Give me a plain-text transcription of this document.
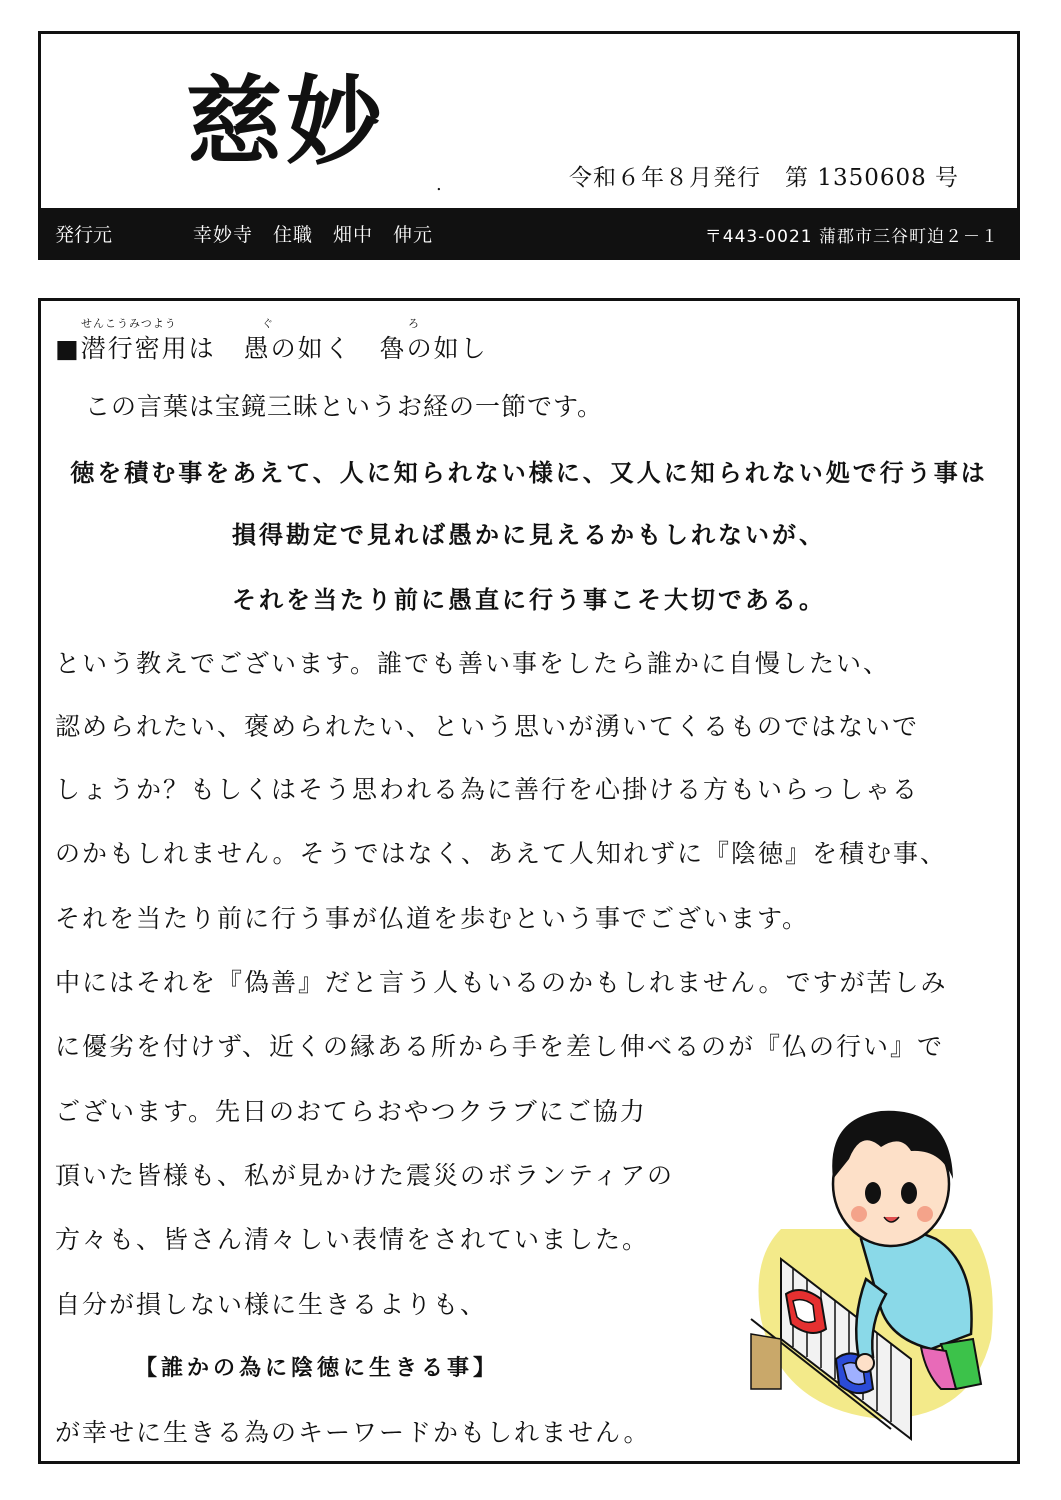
慈妙
.	令和６年８月発行　第 1350608 号
発行元	幸妙寺　住職　畑中　伸元	〒443-0021 蒲郡市三谷町迫２－１
せんこうみつよう	ぐ	ろ
■潜行密用は 愚の如く 魯の如し
この言葉は宝鏡三昧というお経の一節です。
徳を積む事をあえて、人に知られない様に、又人に知られない処で行う事は
損得勘定で見れば愚かに見えるかもしれないが、
それを当たり前に愚直に行う事こそ大切である。
という教えでございます。誰でも善い事をしたら誰かに自慢したい、
認められたい、褒められたい、という思いが湧いてくるものではないで
しょうか？もしくはそう思われる為に善行を心掛ける方もいらっしゃる
のかもしれません。そうではなく、あえて人知れずに『陰徳』を積む事、
それを当たり前に行う事が仏道を歩むという事でございます。
中にはそれを『偽善』だと言う人もいるのかもしれません。ですが苦しみ
に優劣を付けず、近くの縁ある所から手を差し伸べるのが『仏の行い』で
ございます。先日のおてらおやつクラブにご協力
頂いた皆様も、私が見かけた震災のボランティアの
方々も、皆さん清々しい表情をされていました。
自分が損しない様に生きるよりも、
【誰かの為に陰徳に生きる事】
が幸せに生きる為のキーワードかもしれません。
